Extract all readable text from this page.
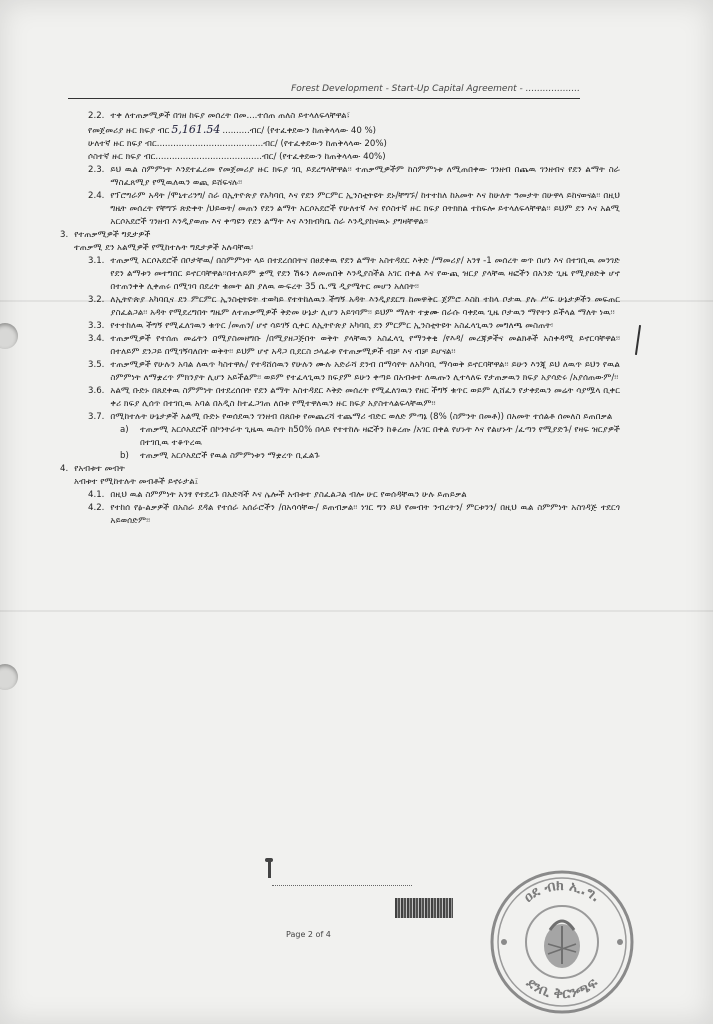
Forest Development - Start-Up Capital Agreement - ...................
2.2. ተቀ ለተጠቃሚዎች በገዘ ከፍያ መሰረት በመ....ተሰጠ ጠለስ ይተላለፍላቸዋል፣
የመጀመሪያ ዙር ክፍያ ብር 5,161.54 ..........ብር/ (የተፈቀደውን ከጠቅላላው 40 %)
ሁለተኛ ዙር ክፍያ ብር.......................................ብር/ (የተፈቀደውን ከጠቅላላው 20%)
ሶስተኛ ዙር ክፍያ ብር.......................................ብር/ (የተፈቀደውን ከጠቅላላው 40%)
2.3. ይህ ዉል ስምምነት እንደተፈረመ የመጀመሪያ ዙር ክፍያ ገቢ ይደረግላቸዋል፡፡ ተጠቃሚዎችም ከስምምነቱ ለሚጠበቀው ገንዘብ በጨዉ ገንዘብና የደን ልማት ስራ ማስፈጸሚያ የሚዉለዉን ወጪ ይሸፍናሉ፡፡
2.4. የፕሮግራም አዳት /ሞኒተሪንግ/ ስራ በኢትዮጵያ የአካባቢ እና የደን ምርምር ኢንስቲትዩት ደኑ/ቸግኙ/ ከተተከለ ከአመት እና ከሁለት ዓመታት በሁዋላ ይከናወናል፡፡ በዚህ ግዜት መሰረት የቸግኙ ጽድቀት /ህይወት/ መጠን የደን ልማት አርሶአደሮች የሁለተኛ እና የሶስተኛ ዙር ክፍያ በትክክል ተከፍሎ ይተላለፍላቸዋል፡፡ ይህም ደን እና አልሚ አርሶአደሮች ገንዘብ እንዲያወጡ እና ቀጣዩን የደን ልማት እና እንክብካቤ ስራ እንዲያከናዉኑ ያግዛቸዋል፡፡
3. የተጠቃሚዎች ግዴታዎች
ተጠቃሚ ደን አልሚዎች የሚከተሉት ግዴታዎች አሉባቸዉ፡
3.1. ተጠቃሚ አርሶአደሮች በቦታቸዉ/ በስምምነት ላይ በተደረሰበትና በፀደቀዉ የደን ልማት አስተዳደር እቅድ /ማመሪያ/ አንፃ -1 መሰረት ወጥ በሆነ እና በተገቢዉ መንገድ የደን ልማቱን መተግበር ይኖርባቸዋል፡፡በተለይም ቋሚ የደን ሽፋን ለመጠበቅ እንዲያስችል አገር በቀል እና የውጪ ዝርያ ያላቸዉ ዛፎችን በአንድ ጊዜ የሚያፀድቅ ሆኖ በተጠንቀቅ ሊቀጠሩ በሚገባ በደረት ቁመት ልክ ያለዉ ውፍረት 35 ሴ.ሜ ዲያሜትር መሆን አለበት፡፡
3.2. ለኢትዮጵያ አካባቢና ደን ምርምር ኢንስቲትዩት ተወካይ የተትከለዉን ችግኝ አዳት እንዲያደርግ ከመዋቅር ጀምሮ እስከ ተከላ ቦታዉ ያሉ ሥፍ ሁኔታዎችን መፍጠር ያስፈልጋል፡፡ አዳት የሚደረግበት ግዜም ለተጠቃሚዎች ቅድመ ሁኔታ ሊሆን አይገባም፡፡ ይህም ማለት ተቋሙ በራሱ ባቀደዉ ጊዜ ቦታዉን ማየትን ይችላል ማለት ነዉ፡፡
3.3. የተተከለዉ ችግኝ የሚፈለገዉን ቁጥር /መጠን/ ሆኖ ሳይገኝ ሲቀር ለኢትዮጵያ አካባቢ ደን ምርምር ኢንስቲትዩት አስፈላጊዉን መግለጫ መስጠት፡
3.4. ተጠቃሚዎች የተሰጠ መሬትን በሚያስመዘግቡ /በሚያዘጋጅበት ወቅት ያላቸዉን አስፈላጊ የማንቀቂ /የእዳ/ መረጃዎችና መልክቶች አስቀዳሚ ይኖርባቸዋል፡፡ በተለይም ደንጋይ በሚገኝባለበት ወቅት፡፡ ይህም ሆኖ አዳጋ ቢደርስ ኃላፊቱ የተጠቃሚዎች ብቻ እና ብቻ ይሆናል፡፡
3.5. ተጠቃሚዎች የሁሉን አባል ለዉጥ ካስተዋሉ/ የተዳሸሰዉን የሁሉን ሙሉ አድራሻ ደንብ በማሳየት ለአካባቢ ማሳወቅ ይኖርባቸዋል፡፡ ይሁን እንጂ ይህ ለዉጥ ይህን የዉል ስምምነት ለማቋረጥ ምክንያት ሊሆን አይችልም፡፡ ወይም የተፈላጊዉን ክፍያም ይሁን ቀጣይ በአብቱተ ለዉጡን ሊተላለፍ የታጠቃዉን ክፍያ አያሳድሩ /አያሰጠውም/፡፡
3.6. አልሚ ቡድኑ በጸደቀዉ ስምምነት በተደረሰበት የደን ልማት አስተዳደር እቅድ መሰረት የሚፈለገዉን የዘር ችግኝ ቁጥር ወይም ሊሸፈን የታቀደዉን መሬት ሳያሟላ ቢቀር ቀሪ ክፍያ ሊሰጥ በተገቢዉ አባል በአዲስ ከተፈጋገጠ ለበቱ የሚተዋለዉን ዙር ክፍያ አያስተላልፍላቸዉም፡፡
3.7. በሚከተሉት ሁኔታዎች አልሚ ቡድኑ የወሰደዉን ገንዘብ በጸበቱ የመጨረሻ ተጨማሪ ብድር ወለድ ምጣኔ (8% (ስምንት በመቶ)) በአመት ተሰልቶ ሰመለስ ይጠበቃል
a)	ተጠቃሚ አርሶአደሮች በኮንትራት ጊዜዉ ዉስጥ ከ50% በላይ የተተከሉ ዛፎችን ከቆረጡ /አገር በቀል የሆኑት እና የልሆኑት /ፈጣን የሚያድጉ/ የዛፍ ዝርያዎች በተገቢዉ ተቆጥረዉ
b)	ተጠቃሚ አርሶአደሮች የዉል ስምምነቱን ማቋረጥ ቢፈልጉ
4. የአብቱተ መብት
አብቱተ የሚከተሉት መብቶች ይኖሩታል፤
4.1. በዚህ ዉል ስምምነት አንፃ የተደረጉ በአድሻች እና ሌሎች አብቱተ ያስፈልጋል ብሎ ሁር የወሰዳቸዉን ሁሉ ይጠይቃል
4.2. የተከሰ የፅ-ልቃዎች በአስራ ደዳል የተሰራ አሰራሮችን /በአሳሳቸው/ ይጠብቃል፡፡ ነገር ግን ይህ የመብት ንብረትን/ ምርቱንን/ በዚህ ዉል ስምምነት አስገዳጅ ተደርጎ አይወሰድም፡፡
Page 2 of 4
ዐደ ብክ ኢ.ግ.
ደንቢ ቅርንጫፍ
